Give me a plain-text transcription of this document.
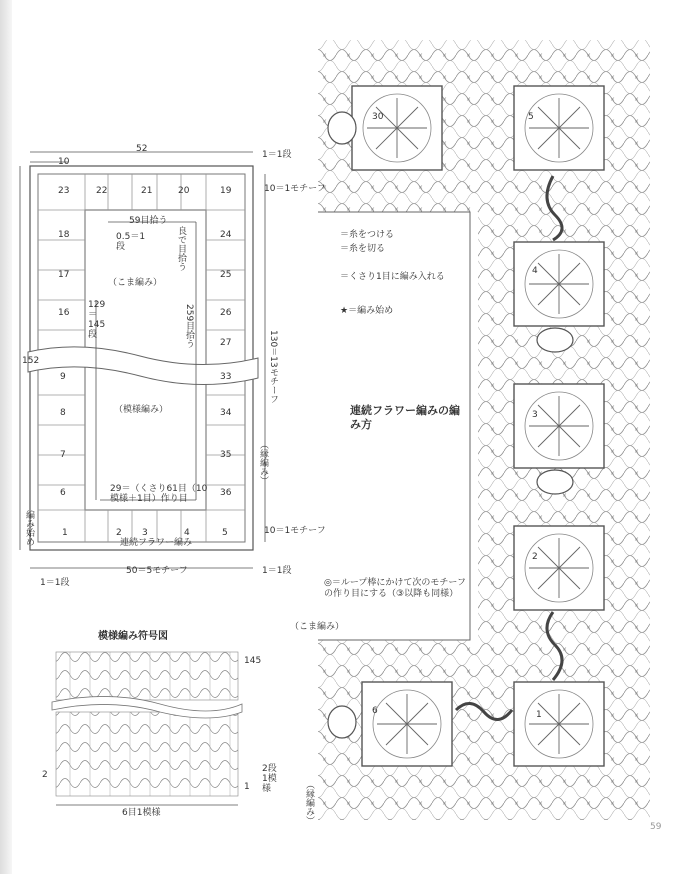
52
10
1＝1段
10＝1モチーフ
59目拾う
0.5＝1段	良で目拾う
（こま編み）
129＝145段	259目拾う
130＝13モチーフ
152
（模様編み）
（縁編み）
29＝（くさり61目（10模様＋1目）作り目
編み始め	連続フラワー編み
10＝1モチーフ
50＝5モチーフ
1＝1段
1＝1段
23	22	21	20	19
18	24
17	25
16	26
27
9	33
8	34
7	35
6	36
1	2 3	4	5
模様編み符号図
145
2
1
2段1模様
6目1模様
＝糸をつける
＝糸を切る
＝くさり1目に編み入れる
★＝編み始め
連続フラワー編みの編み方
◎＝ループ棒にかけて次のモチーフの作り目にする（③以降も同様）
（こま編み）
（縁編み）
30	5
4
3
2
6	1
59
